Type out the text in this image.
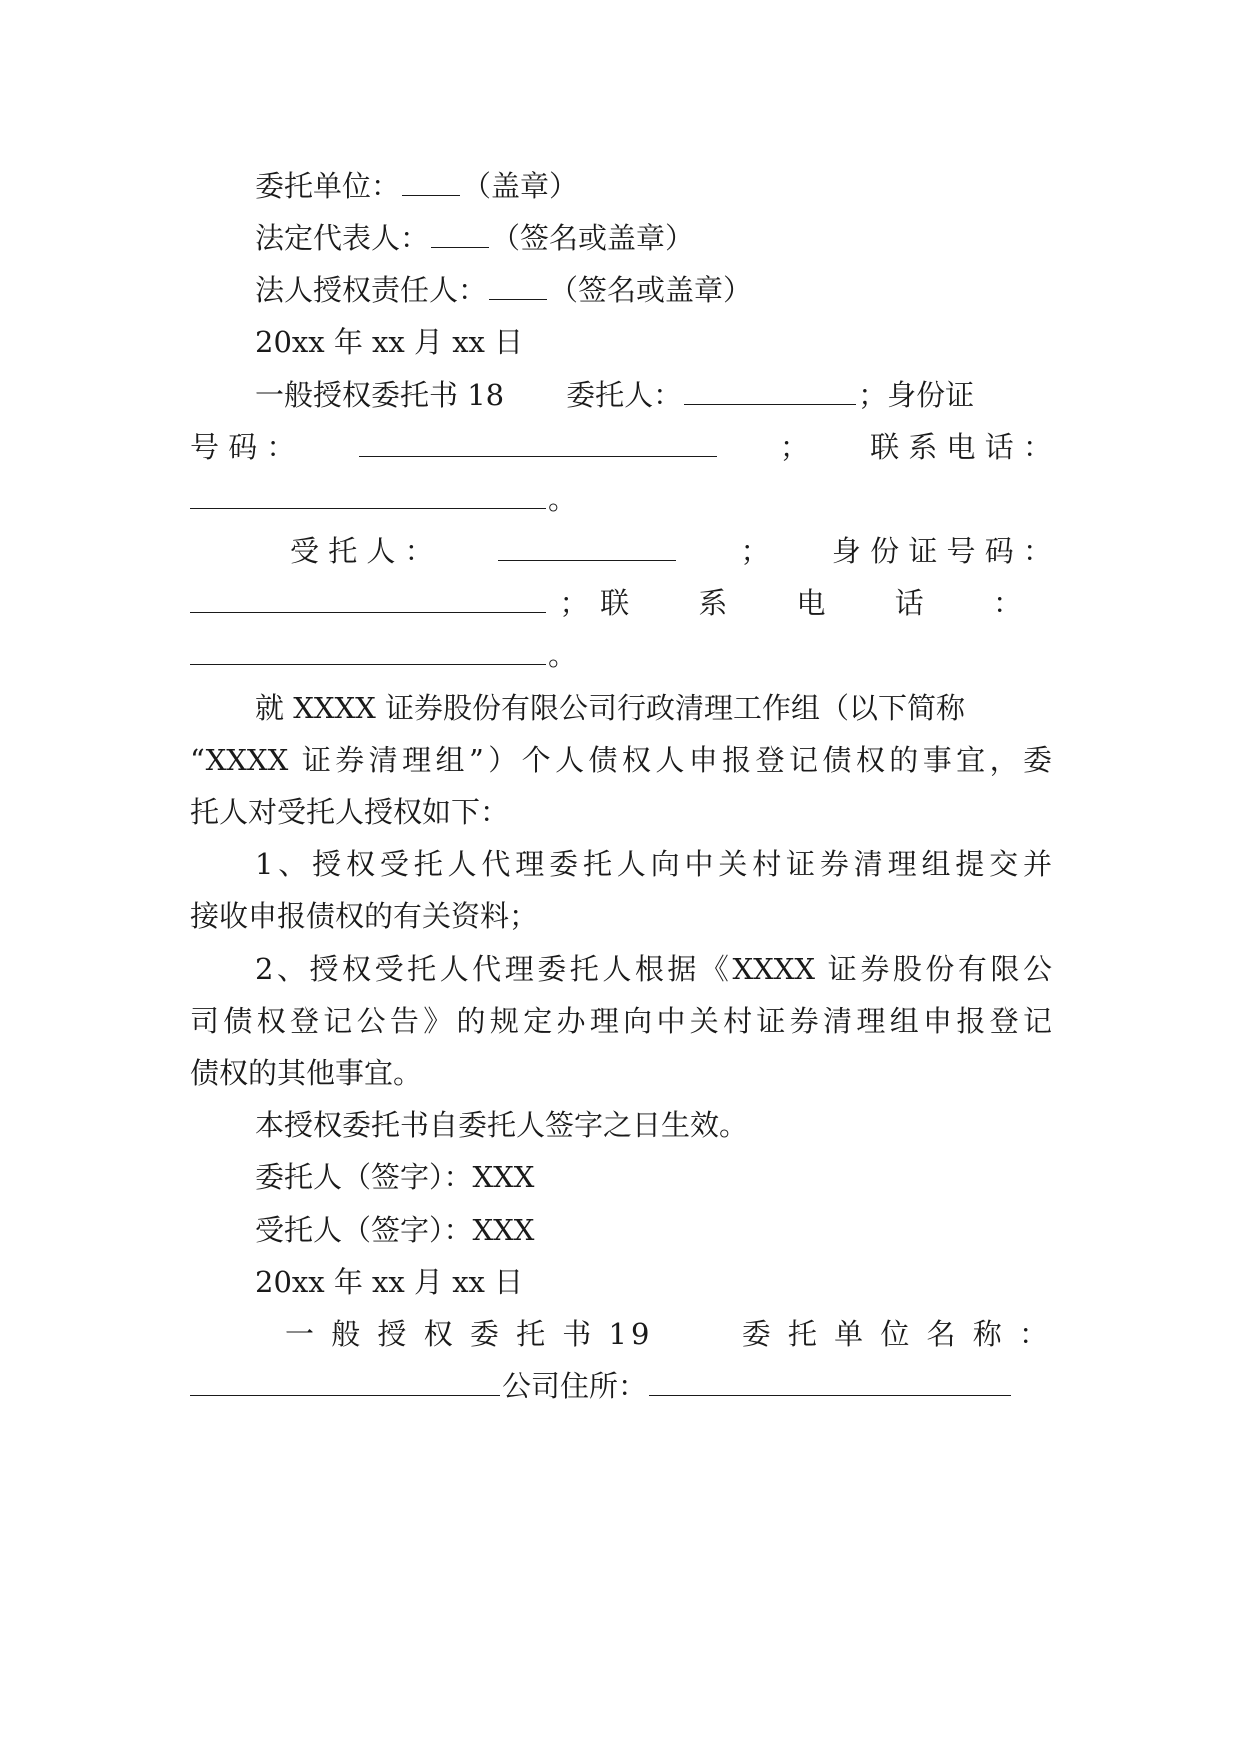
委托单位： （盖章）
法定代表人： （签名或盖章）
法人授权责任人： （签名或盖章）
20xx 年 xx 月 xx 日
一般授权委托书 18 委托人：	；身份证
号 码 ：	； 联 系 电 话 ：
。
受 托 人 ：	； 身 份 证 号 码 ：
； 联 系 电 话 ：
。
就 XXXX 证券股份有限公司行政清理工作组（以下简称
“XXXX 证券清理组”）个人债权人申报登记债权的事宜，委
托人对受托人授权如下：
1、授权受托人代理委托人向中关村证券清理组提交并
接收申报债权的有关资料；
2、授权受托人代理委托人根据《XXXX 证券股份有限公
司债权登记公告》的规定办理向中关村证券清理组申报登记
债权的其他事宜。
本授权委托书自委托人签字之日生效。
委托人（签字）：XXX
受托人（签字）：XXX
20xx 年 xx 月 xx 日
一 般 授 权 委 托 书 19	委 托 单 位 名 称 ：
公司住所：
